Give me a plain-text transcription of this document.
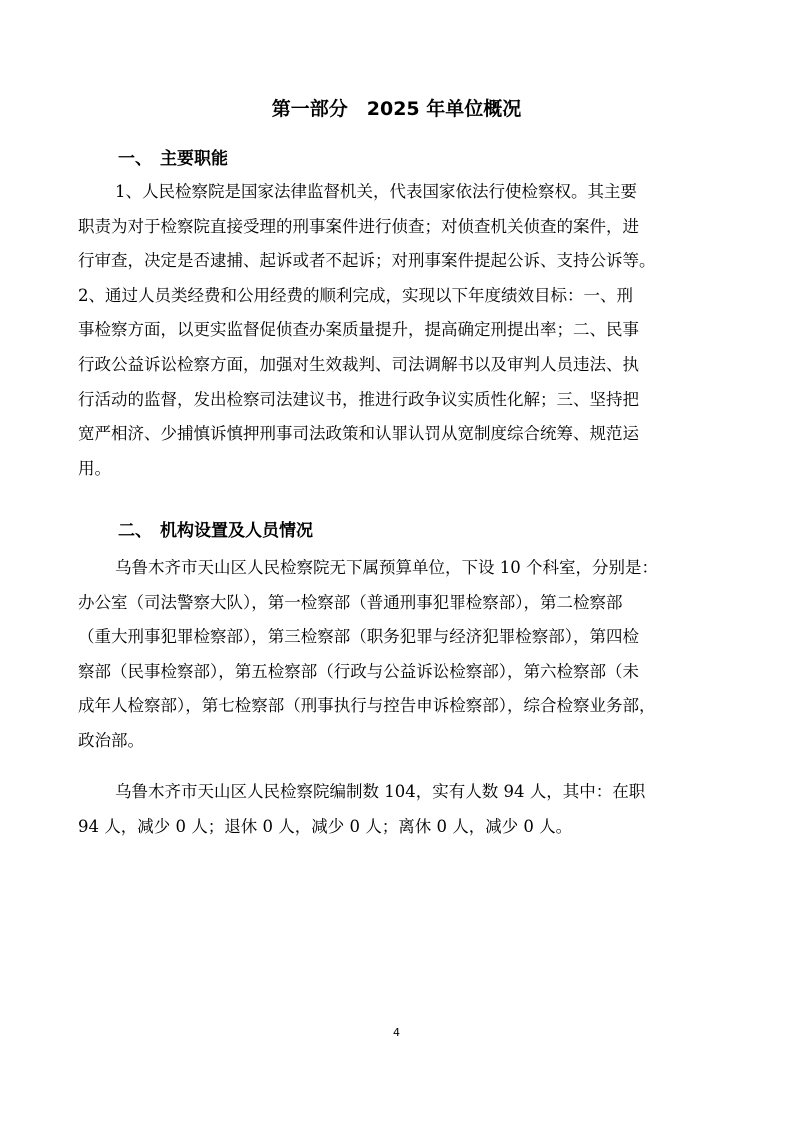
第一部分　2025 年单位概况
一、 主要职能
1、人民检察院是国家法律监督机关，代表国家依法行使检察权。其主要
职责为对于检察院直接受理的刑事案件进行侦查；对侦查机关侦查的案件，进
行审查，决定是否逮捕、起诉或者不起诉；对刑事案件提起公诉、支持公诉等。
2、通过人员类经费和公用经费的顺利完成，实现以下年度绩效目标：一、刑
事检察方面，以更实监督促侦查办案质量提升，提高确定刑提出率；二、民事
行政公益诉讼检察方面，加强对生效裁判、司法调解书以及审判人员违法、执
行活动的监督，发出检察司法建议书，推进行政争议实质性化解；三、坚持把
宽严相济、少捕慎诉慎押刑事司法政策和认罪认罚从宽制度综合统筹、规范运
用。
二、 机构设置及人员情况
乌鲁木齐市天山区人民检察院无下属预算单位，下设 10 个科室，分别是：
办公室（司法警察大队），第一检察部（普通刑事犯罪检察部），第二检察部
（重大刑事犯罪检察部），第三检察部（职务犯罪与经济犯罪检察部），第四检
察部（民事检察部），第五检察部（行政与公益诉讼检察部），第六检察部（未
成年人检察部），第七检察部（刑事执行与控告申诉检察部），综合检察业务部，
政治部。
乌鲁木齐市天山区人民检察院编制数 104，实有人数 94 人，其中：在职
94 人，减少 0 人；退休 0 人，减少 0 人；离休 0 人，减少 0 人。
4
